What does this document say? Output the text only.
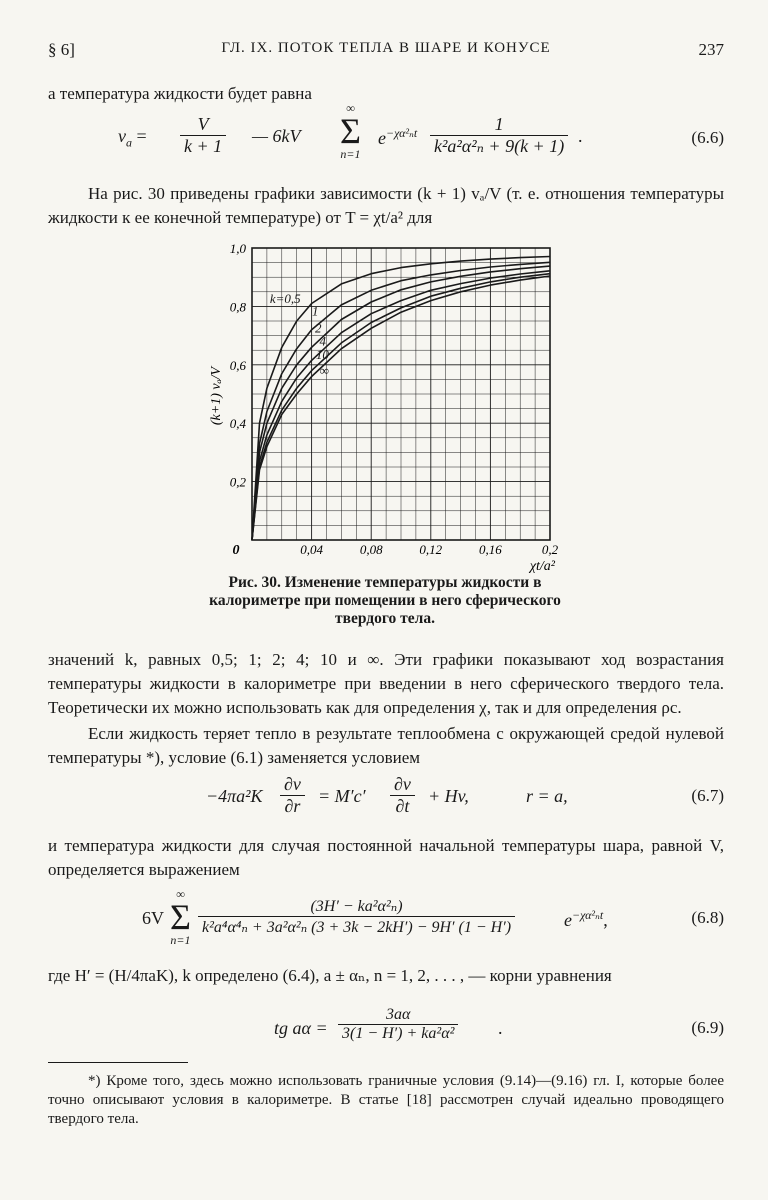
§ 6]	ГЛ. IX. ПОТОК ТЕПЛА В ШАРЕ И КОНУСЕ	237
а температура жидкости будет равна
$v_a = \frac{V}{k + 1}$ — 6kV
∞
Σ
n=1
$e^{-\chi\alpha^2_nt} \frac{1}{\text{k²a²α²ₙ + 9(k + 1)}}$ .	(6.6)
На рис. 30 приведены графики зависимости (k + 1) vₐ/V (т. е. отношения температуры жидкости к ее конечной температуре) от T = χt/a² для
0,04	0,08	0,12	0,16	0,2
0,2
0,4
0,6
0,8
1,0
k=0,5
1
2
4
10
∞
(k+1) vₐ/V
χt/a²
0
Рис. 30. Изменение температуры жидкости в калориметре при помещении в него сферического твердого тела.
значений k, равных 0,5; 1; 2; 4; 10 и ∞. Эти графики показывают ход возрастания температуры жидкости в калориметре при введении в него сферического твердого тела. Теоретически их можно использовать как для определения χ, так и для определения ρc.
Если жидкость теряет тепло в результате теплообмена с окружающей средой нулевой температуры *), условие (6.1) заменяется условием
$-4\pi a^2K \frac{\partial v}{\partial r} = M'c' \frac{\partial v}{\partial t} + Hv$,	r = a,	(6.7)
и температура жидкости для случая постоянной начальной температуры шара, равной V, определяется выражением
6V
∞
Σ
n=1
$\frac{\text{(3H′ − ka²α²ₙ)}}{\text{k²a⁴α⁴ₙ + 3a²α²ₙ (3 + 3k − 2kH′) − 9H′ (1 − H′)}}$	$e^{-\chi\alpha^2_nt}$,	(6.8)
где H′ = (H/4πaK), k определено (6.4), а ± αₙ, n = 1, 2, . . . , — корни уравнения
tg $a\alpha = \frac{3a\alpha}{\text{3(1 − H′) + ka²α²}}$ .	(6.9)
*) Кроме того, здесь можно использовать граничные условия (9.14)—(9.16) гл. I, которые более точно описывают условия в калориметре. В статье [18] рассмотрен случай идеально проводящего твердого тела.
